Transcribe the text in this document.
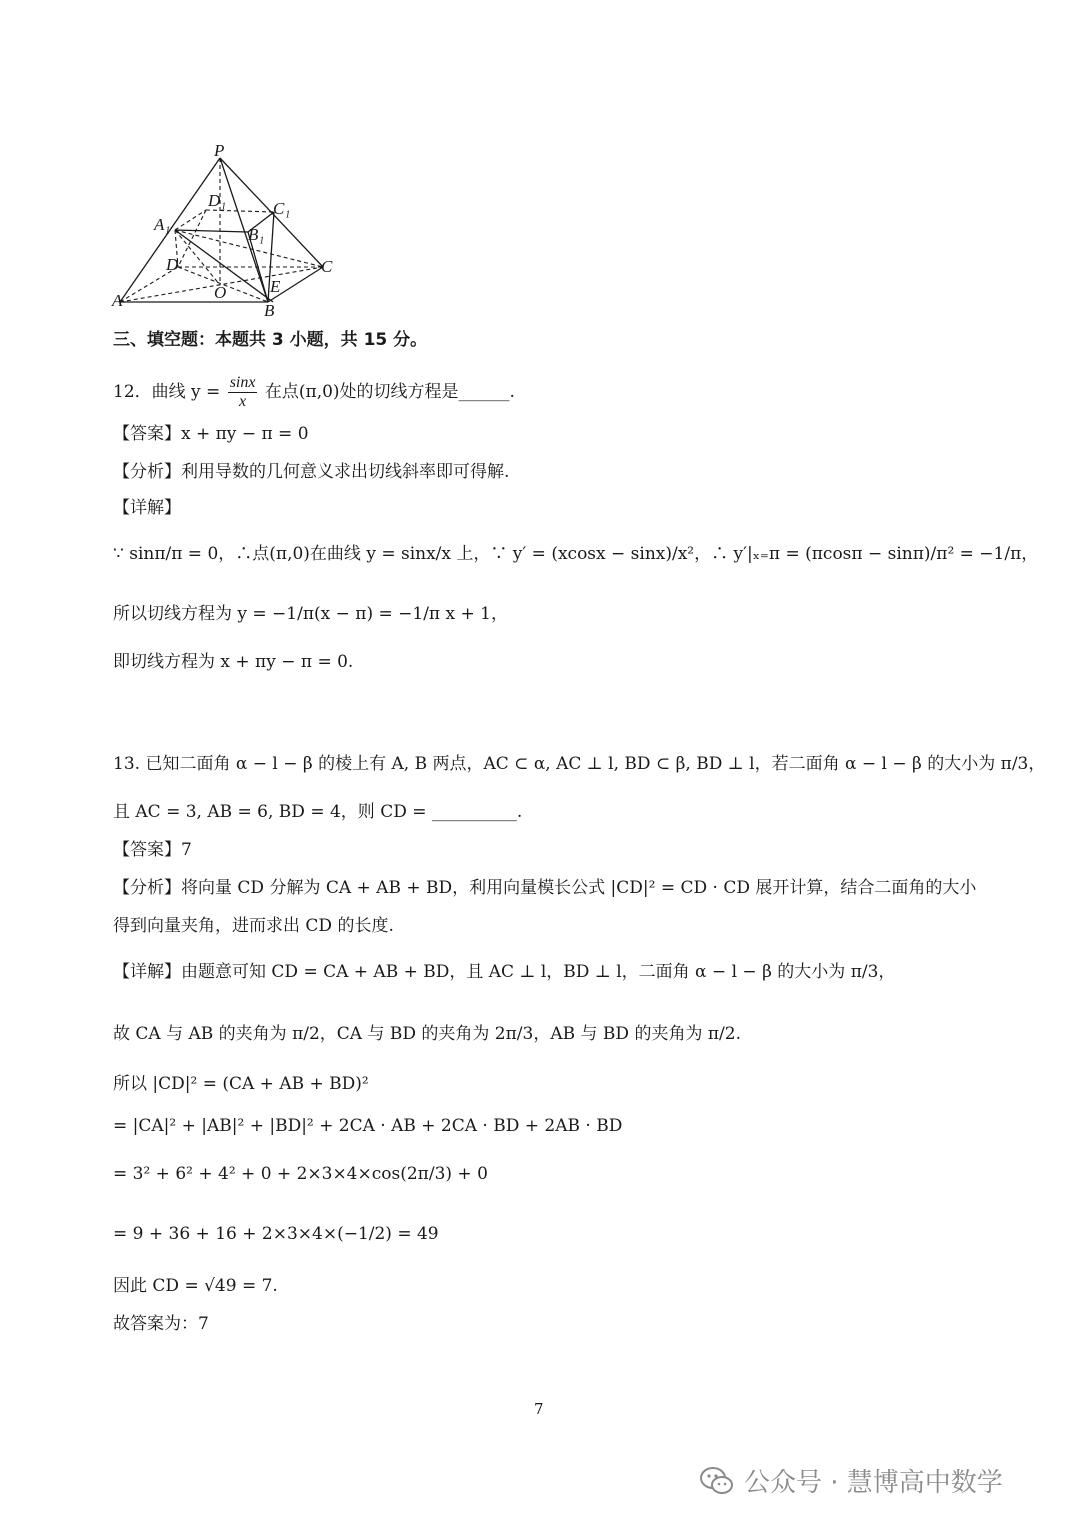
P
D₁	C₁
A₁
B₁
D	C
O	E
A
B
三、填空题：本题共 3 小题，共 15 分。
12．曲线 $y = \frac{\sin x}{x}$ 在点(π,0)处的切线方程是______.
【答案】x + πy − π = 0
【分析】利用导数的几何意义求出切线斜率即可得解.
【详解】
∵ sinπ/π = 0，∴点(π,0)在曲线 y = sinx/x 上，∵ y′ = (xcosx − sinx)/x²，∴ y′|ₓ₌π = (πcosπ − sinπ)/π² = −1/π，
所以切线方程为 y = −1/π(x − π) = −1/π x + 1，
即切线方程为 x + πy − π = 0.
13. 已知二面角 α − l − β 的棱上有 A, B 两点，AC ⊂ α, AC ⊥ l, BD ⊂ β, BD ⊥ l，若二面角 α − l − β 的大小为 π/3，
且 AC = 3, AB = 6, BD = 4，则 CD = __________.
【答案】7
【分析】将向量 CD 分解为 CA + AB + BD，利用向量模长公式 |CD|² = CD · CD 展开计算，结合二面角的大小
得到向量夹角，进而求出 CD 的长度.
【详解】由题意可知 CD = CA + AB + BD，且 AC ⊥ l，BD ⊥ l，二面角 α − l − β 的大小为 π/3，
故 CA 与 AB 的夹角为 π/2，CA 与 BD 的夹角为 2π/3，AB 与 BD 的夹角为 π/2.
所以 |CD|² = (CA + AB + BD)²
= |CA|² + |AB|² + |BD|² + 2CA · AB + 2CA · BD + 2AB · BD
= 3² + 6² + 4² + 0 + 2×3×4×cos(2π/3) + 0
= 9 + 36 + 16 + 2×3×4×(−1/2) = 49
因此 CD = √49 = 7.
故答案为：7
7
公众号 · 慧博高中数学
